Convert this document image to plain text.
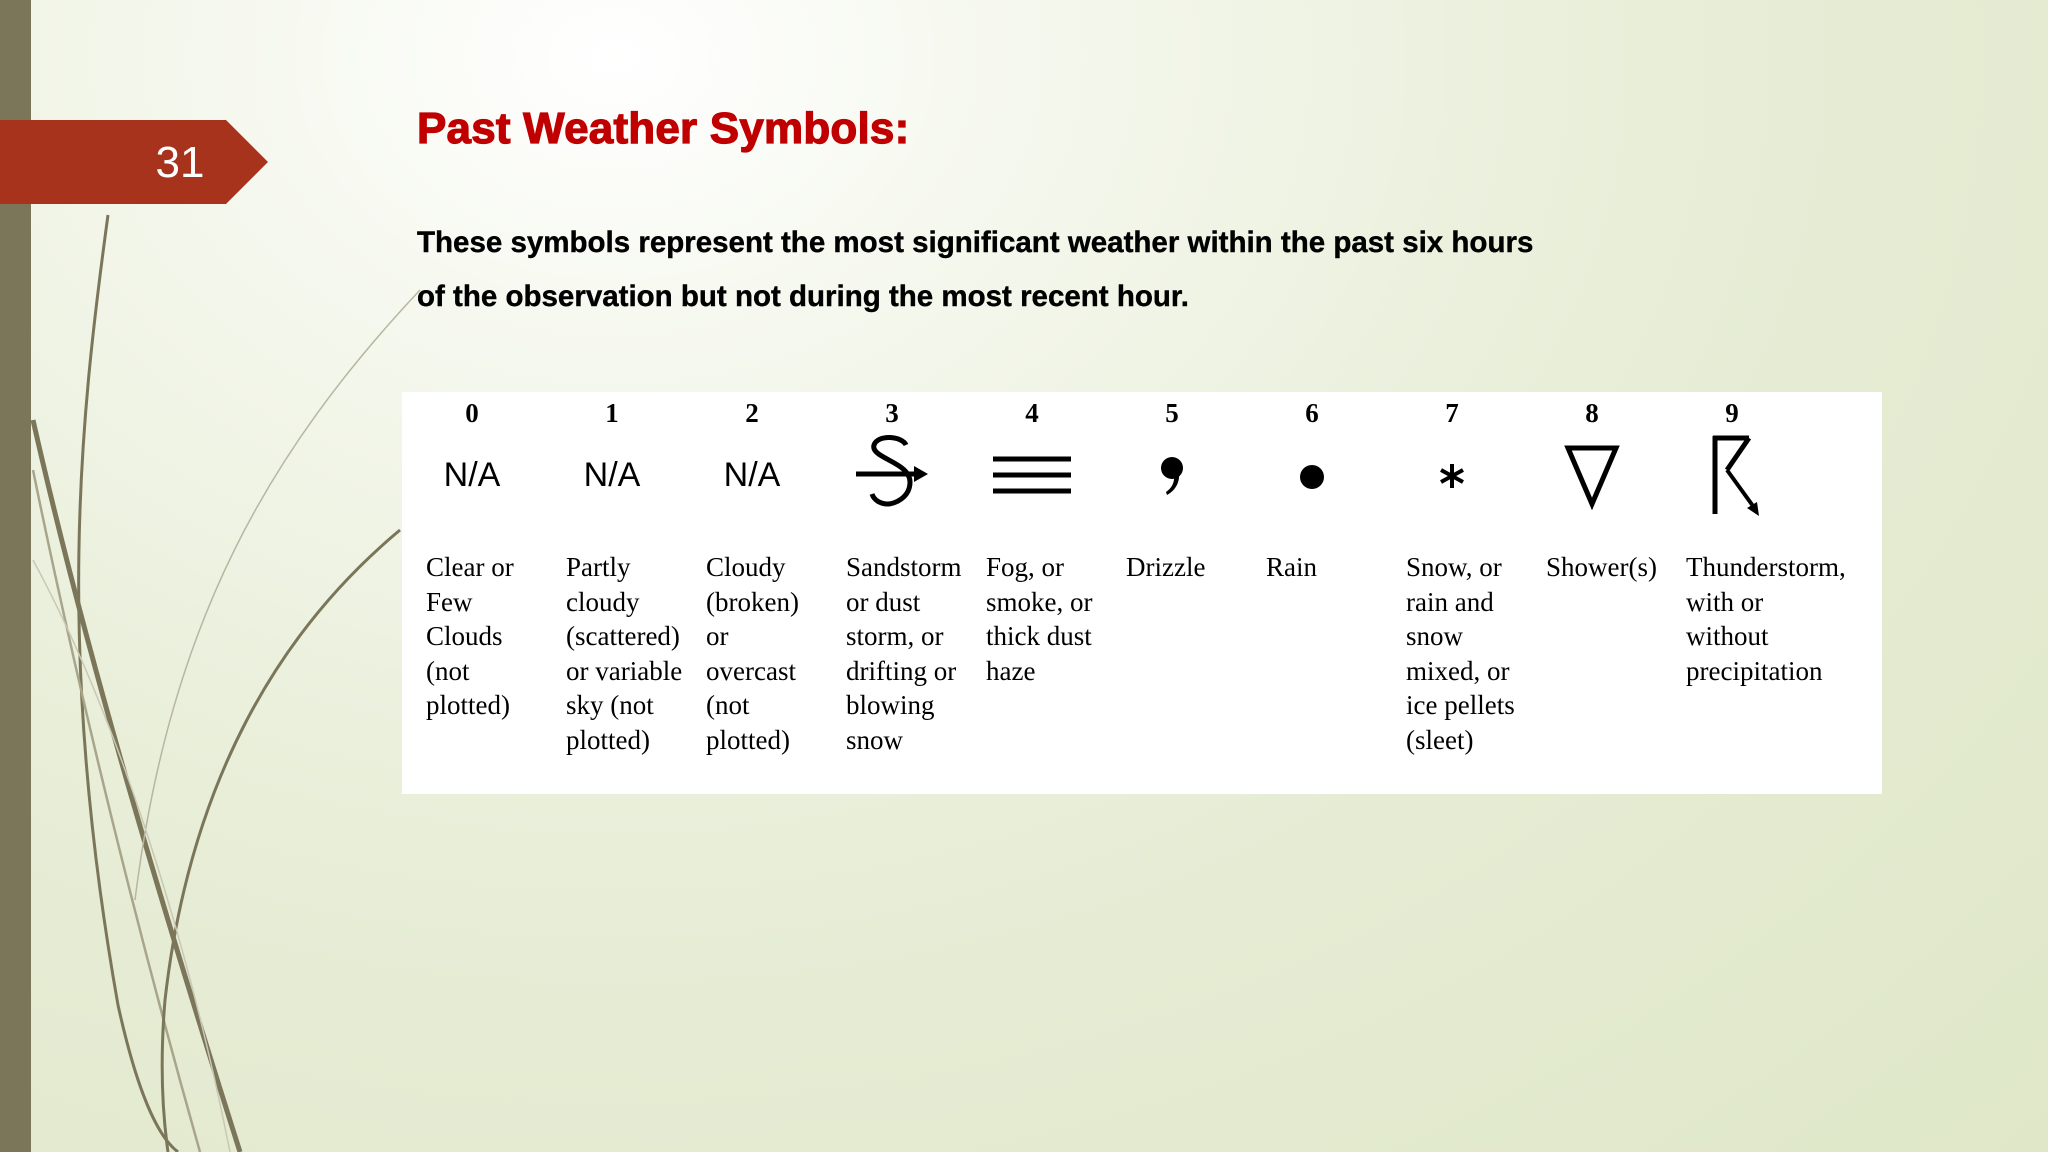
31
Past Weather Symbols:
These symbols represent the most significant weather within the past six hours
of the observation but not during the most recent hour.
0
N/A
Clear or
Few
Clouds
(not
plotted)
1
N/A
Partly
cloudy
(scattered)
or variable
sky (not
plotted)
2
N/A
Cloudy
(broken)
or
overcast
(not
plotted)
3
Sandstorm
or dust
storm, or
drifting or
blowing
snow
4
Fog, or
smoke, or
thick dust
haze
5
Drizzle
6
Rain
7
Snow, or
rain and
snow
mixed, or
ice pellets
(sleet)
8
Shower(s)
9
Thunderstorm,
with or
without
precipitation
